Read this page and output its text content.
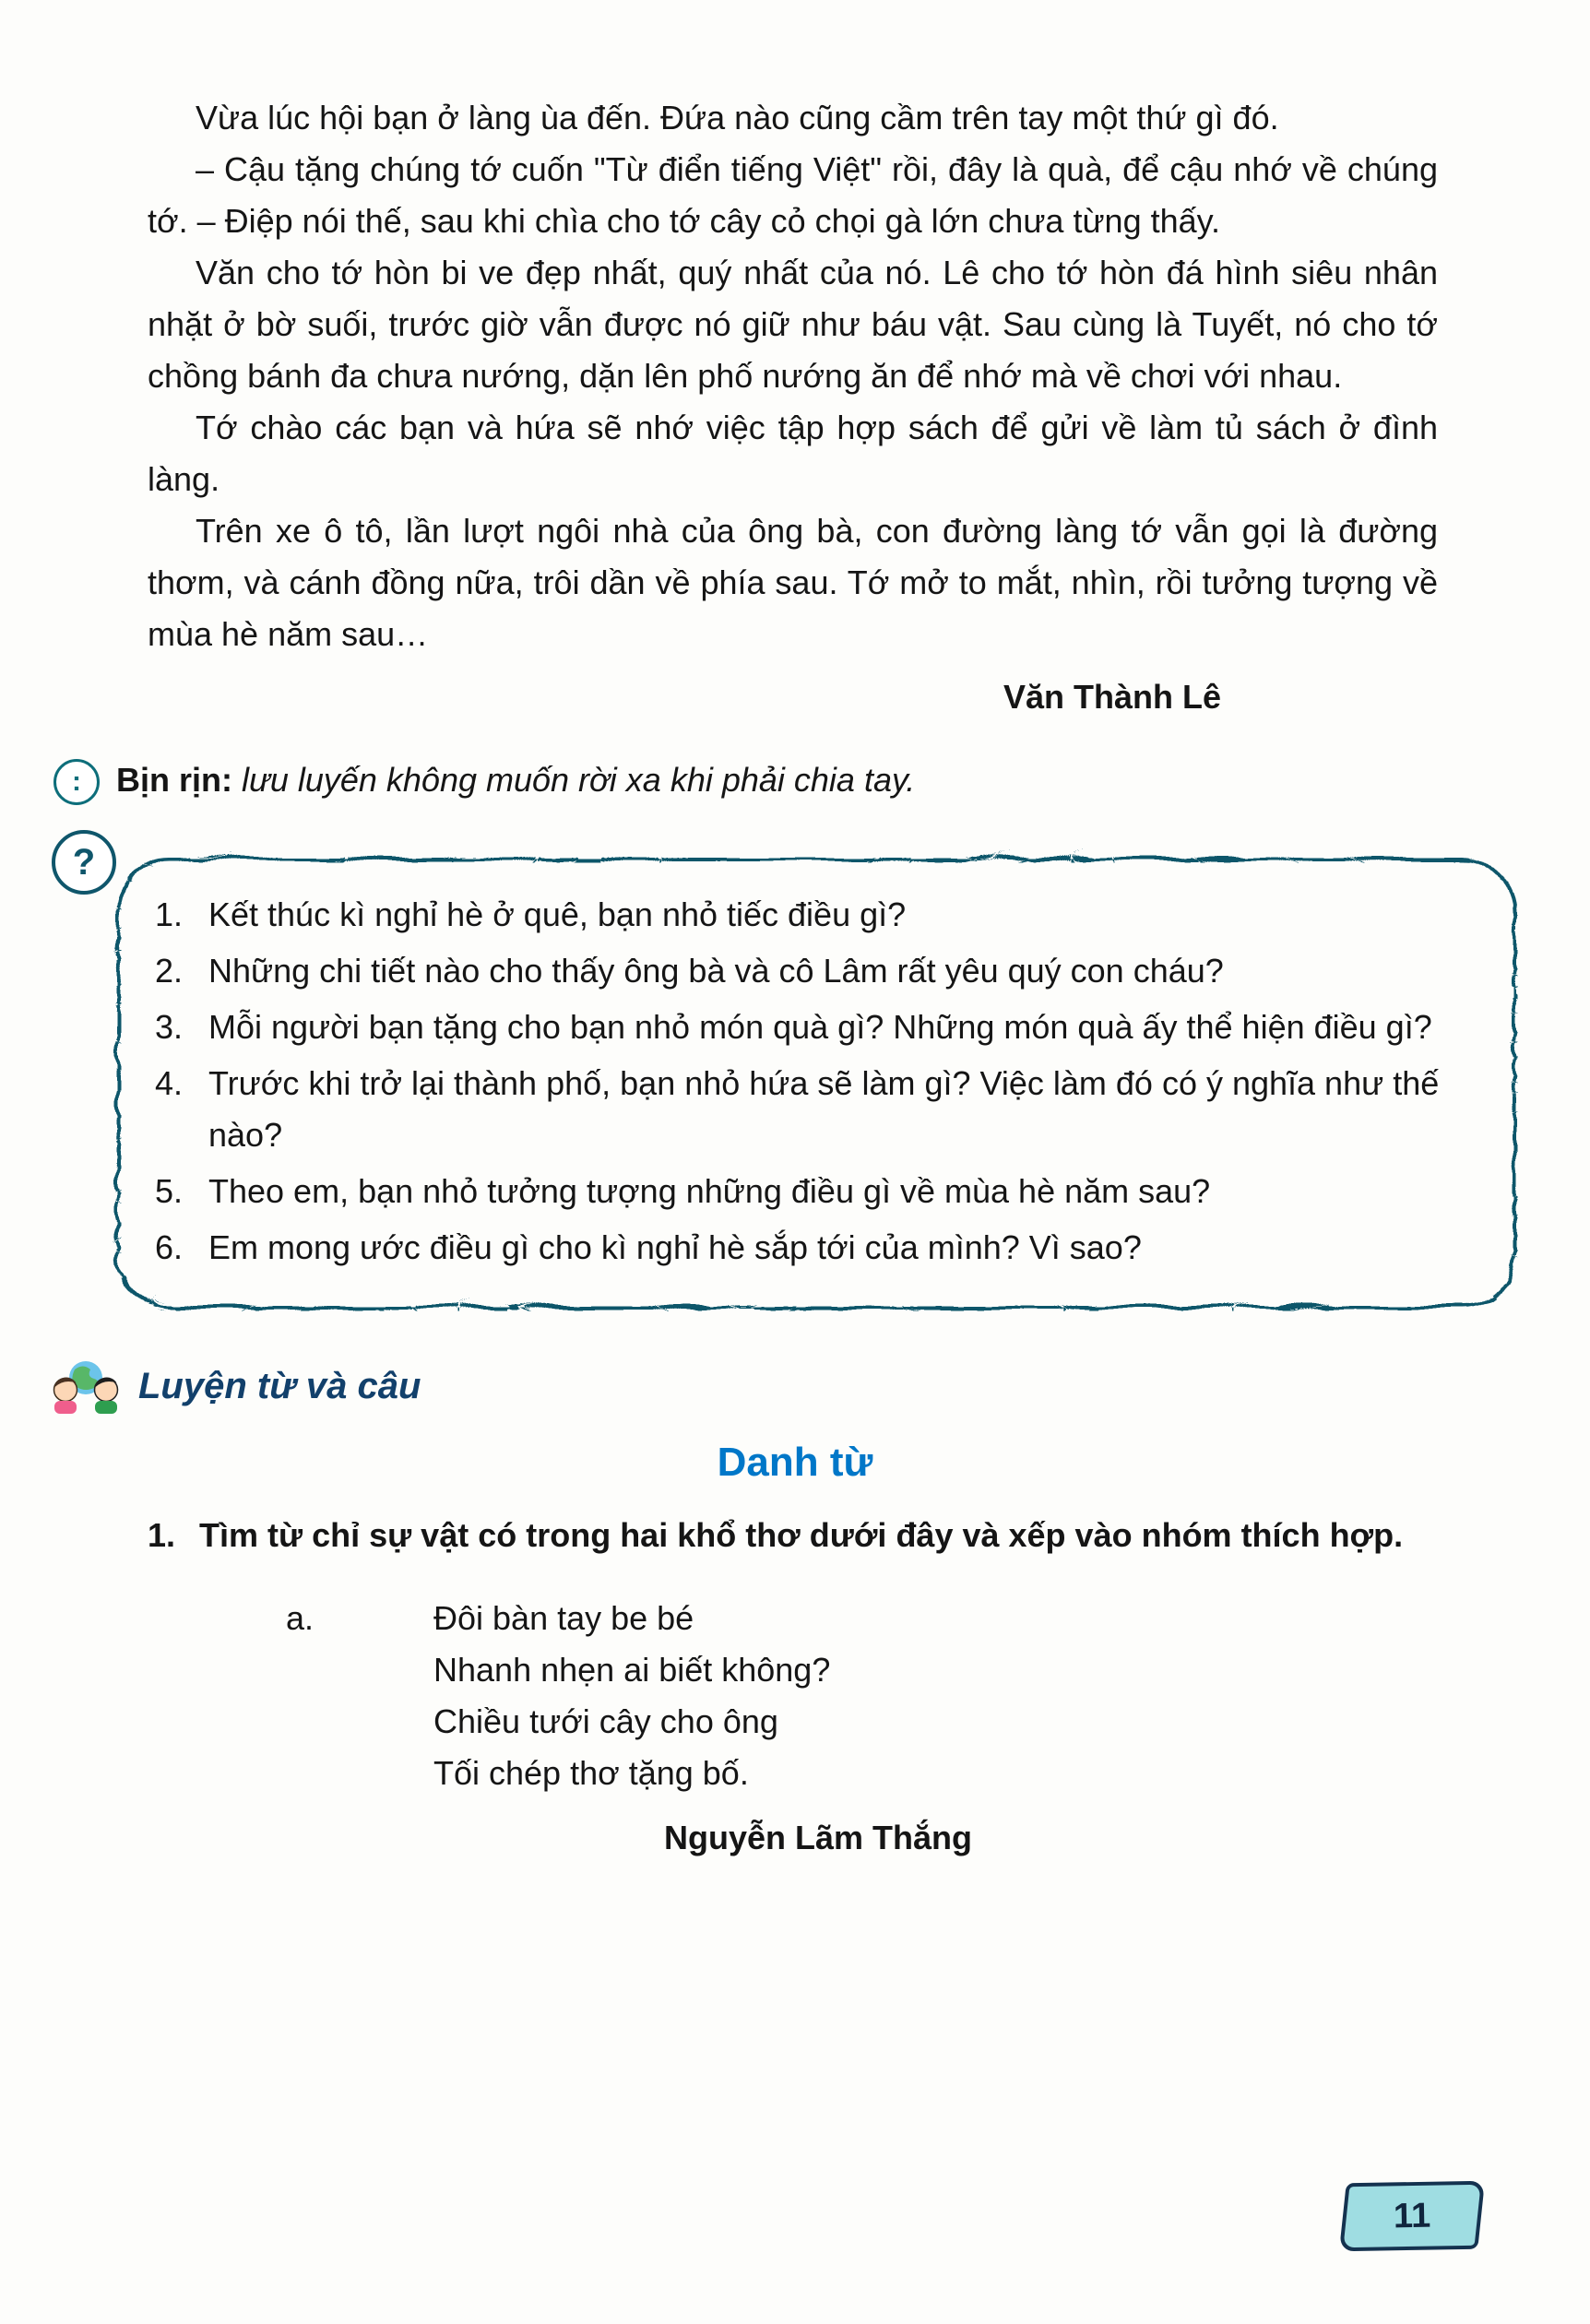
Vừa lúc hội bạn ở làng ùa đến. Đứa nào cũng cầm trên tay một thứ gì đó.

– Cậu tặng chúng tớ cuốn "Từ điển tiếng Việt" rồi, đây là quà, để cậu nhớ về chúng tớ. – Điệp nói thế, sau khi chìa cho tớ cây cỏ chọi gà lớn chưa từng thấy.

Văn cho tớ hòn bi ve đẹp nhất, quý nhất của nó. Lê cho tớ hòn đá hình siêu nhân nhặt ở bờ suối, trước giờ vẫn được nó giữ như báu vật. Sau cùng là Tuyết, nó cho tớ chồng bánh đa chưa nướng, dặn lên phố nướng ăn để nhớ mà về chơi với nhau.

Tớ chào các bạn và hứa sẽ nhớ việc tập hợp sách để gửi về làm tủ sách ở đình làng.

Trên xe ô tô, lần lượt ngôi nhà của ông bà, con đường làng tớ vẫn gọi là đường thơm, và cánh đồng nữa, trôi dần về phía sau. Tớ mở to mắt, nhìn, rồi tưởng tượng về mùa hè năm sau…

Văn Thành Lê
:	Bịn rịn: lưu luyến không muốn rời xa khi phải chia tay.
?
1. Kết thúc kì nghỉ hè ở quê, bạn nhỏ tiếc điều gì?
2. Những chi tiết nào cho thấy ông bà và cô Lâm rất yêu quý con cháu?
3. Mỗi người bạn tặng cho bạn nhỏ món quà gì? Những món quà ấy thể hiện điều gì?
4. Trước khi trở lại thành phố, bạn nhỏ hứa sẽ làm gì? Việc làm đó có ý nghĩa như thế nào?
5. Theo em, bạn nhỏ tưởng tượng những điều gì về mùa hè năm sau?
6. Em mong ước điều gì cho kì nghỉ hè sắp tới của mình? Vì sao?
Luyện từ và câu
Danh từ
1. Tìm từ chỉ sự vật có trong hai khổ thơ dưới đây và xếp vào nhóm thích hợp.
a.	Đôi bàn tay be bé

Nhanh nhẹn ai biết không?

Chiều tưới cây cho ông

Tối chép thơ tặng bố.

Nguyễn Lãm Thắng
11
